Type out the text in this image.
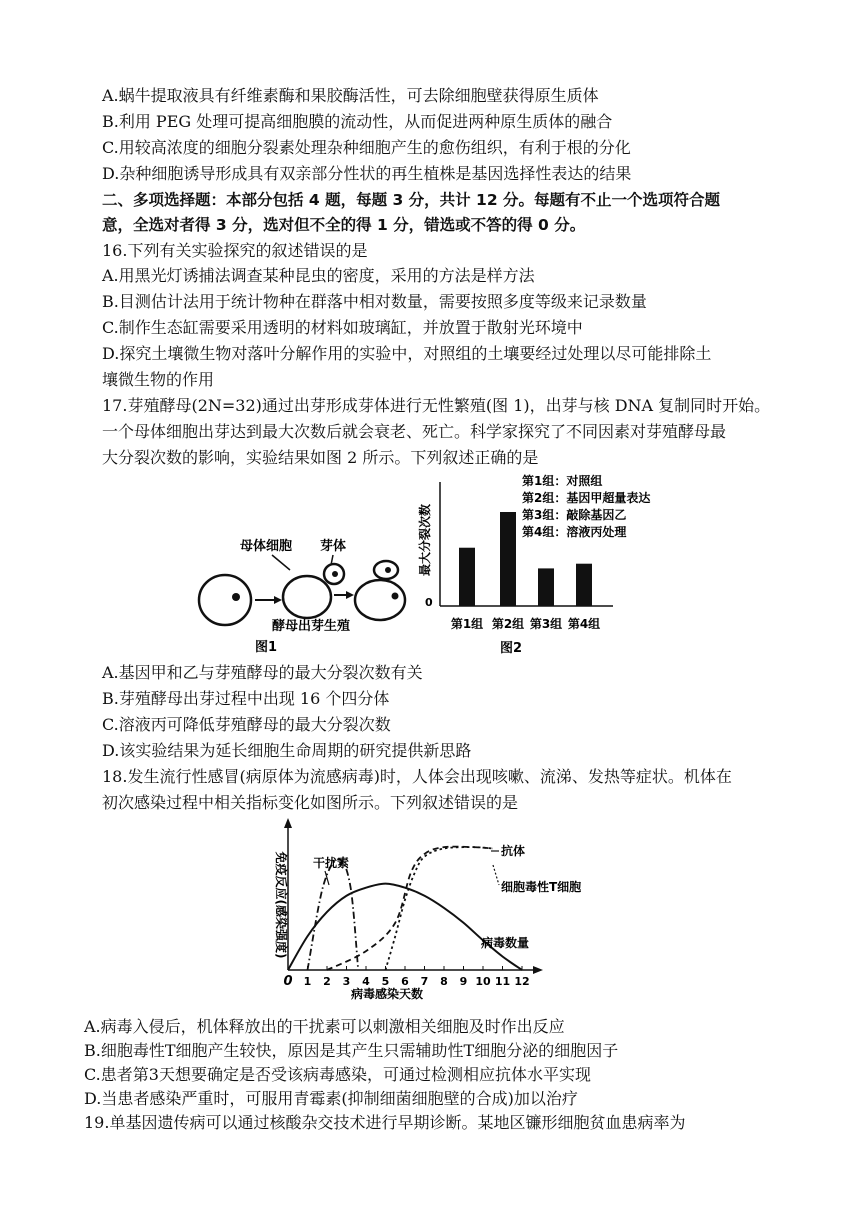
A.蜗牛提取液具有纤维素酶和果胶酶活性，可去除细胞壁获得原生质体
B.利用 PEG 处理可提高细胞膜的流动性，从而促进两种原生质体的融合
C.用较高浓度的细胞分裂素处理杂种细胞产生的愈伤组织，有利于根的分化
D.杂种细胞诱导形成具有双亲部分性状的再生植株是基因选择性表达的结果
二、多项选择题：本部分包括 4 题，每题 3 分，共计 12 分。每题有不止一个选项符合题
意，全选对者得 3 分，选对但不全的得 1 分，错选或不答的得 0 分。
16.下列有关实验探究的叙述错误的是
A.用黑光灯诱捕法调查某种昆虫的密度，采用的方法是样方法
B.目测估计法用于统计物种在群落中相对数量，需要按照多度等级来记录数量
C.制作生态缸需要采用透明的材料如玻璃缸，并放置于散射光环境中
D.探究土壤微生物对落叶分解作用的实验中，对照组的土壤要经过处理以尽可能排除土
壤微生物的作用
17.芽殖酵母(2N=32)通过出芽形成芽体进行无性繁殖(图 1)，出芽与核 DNA 复制同时开始。
一个母体细胞出芽达到最大次数后就会衰老、死亡。科学家探究了不同因素对芽殖酵母最
大分裂次数的影响，实验结果如图 2 所示。下列叙述正确的是
母体细胞 芽体
酵母出芽生殖
图1
最大分裂次数
0
第1组 第2组 第3组 第4组
第1组：对照组
第2组：基因甲超量表达
第3组：敲除基因乙
第4组：溶液丙处理
图2
A.基因甲和乙与芽殖酵母的最大分裂次数有关
B.芽殖酵母出芽过程中出现 16 个四分体
C.溶液丙可降低芽殖酵母的最大分裂次数
D.该实验结果为延长细胞生命周期的研究提供新思路
18.发生流行性感冒(病原体为流感病毒)时，人体会出现咳嗽、流涕、发热等症状。机体在
初次感染过程中相关指标变化如图所示。下列叙述错误的是
免疫反应(感染强度)
0 1 2 3 4 5 6 7 8 9 10 11 12
干扰素
抗体
细胞毒性T细胞
病毒数量
病毒感染天数
A.病毒入侵后，机体释放出的干扰素可以刺激相关细胞及时作出反应
B.细胞毒性T细胞产生较快，原因是其产生只需辅助性T细胞分泌的细胞因子
C.患者第3天想要确定是否受该病毒感染，可通过检测相应抗体水平实现
D.当患者感染严重时，可服用青霉素(抑制细菌细胞壁的合成)加以治疗
19.单基因遗传病可以通过核酸杂交技术进行早期诊断。某地区镰形细胞贫血患病率为
